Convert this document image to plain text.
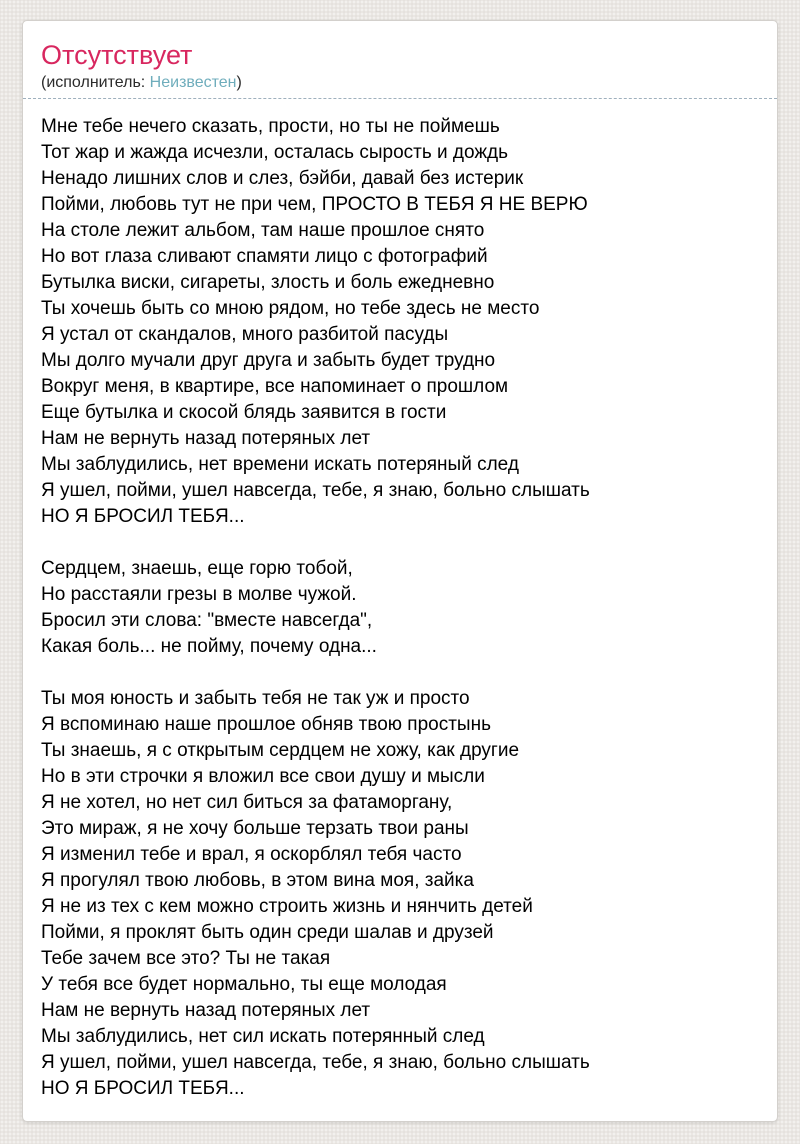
Отсутствует
(исполнитель: Неизвестен)
Мне тебе нечего сказать, прости, но ты не поймешь
Тот жар и жажда исчезли, осталась сырость и дождь
Ненадо лишних слов и слез, бэйби, давай без истерик
Пойми, любовь тут не при чем, ПРОСТО В ТЕБЯ Я НЕ ВЕРЮ
На столе лежит альбом, там наше прошлое снято
Но вот глаза сливают спамяти лицо с фотографий
Бутылка виски, сигареты, злость и боль ежедневно
Ты хочешь быть со мною рядом, но тебе здесь не место
Я устал от скандалов, много разбитой пасуды
Мы долго мучали друг друга и забыть будет трудно
Вокруг меня, в квартире, все напоминает о прошлом
Еще бутылка и скосой блядь заявится в гости
Нам не вернуть назад потеряных лет
Мы заблудились, нет времени искать потеряный след
Я ушел, пойми, ушел навсегда, тебе, я знаю, больно слышать
НО Я БРОСИЛ ТЕБЯ...
Сердцем, знаешь, еще горю тобой,
Но расстаяли грезы в молве чужой.
Бросил эти слова: "вместе навсегда",
Какая боль... не пойму, почему одна...
Ты моя юность и забыть тебя не так уж и просто
Я вспоминаю наше прошлое обняв твою простынь
Ты знаешь, я с открытым сердцем не хожу, как другие
Но в эти строчки я вложил все свои душу и мысли
Я не хотел, но нет сил биться за фатаморгану,
Это мираж, я не хочу больше терзать твои раны
Я изменил тебе и врал, я оскорблял тебя часто
Я прогулял твою любовь, в этом вина моя, зайка
Я не из тех с кем можно строить жизнь и нянчить детей
Пойми, я проклят быть один среди шалав и друзей
Тебе зачем все это? Ты не такая
У тебя все будет нормально, ты еще молодая
Нам не вернуть назад потеряных лет
Мы заблудились, нет сил искать потерянный след
Я ушел, пойми, ушел навсегда, тебе, я знаю, больно слышать
НО Я БРОСИЛ ТЕБЯ...
